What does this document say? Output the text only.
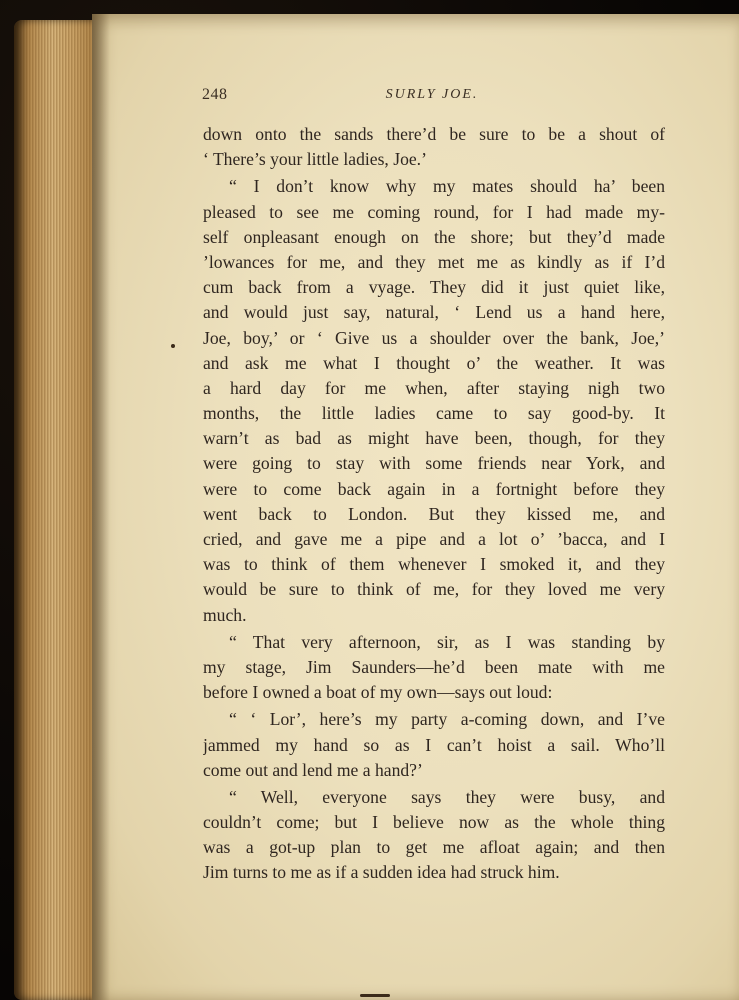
248	SURLY JOE.
down onto the sands there’d be sure to be a shout of
‘ There’s your little ladies, Joe.’
“ I don’t know why my mates should ha’ been
pleased to see me coming round, for I had made my-
self onpleasant enough on the shore; but they’d made
’lowances for me, and they met me as kindly as if I’d
cum back from a vyage. They did it just quiet like,
and would just say, natural, ‘ Lend us a hand here,
Joe, boy,’ or ‘ Give us a shoulder over the bank, Joe,’
and ask me what I thought o’ the weather. It was
a hard day for me when, after staying nigh two
months, the little ladies came to say good-by. It
warn’t as bad as might have been, though, for they
were going to stay with some friends near York, and
were to come back again in a fortnight before they
went back to London. But they kissed me, and
cried, and gave me a pipe and a lot o’ ’bacca, and I
was to think of them whenever I smoked it, and they
would be sure to think of me, for they loved me very
much.
“ That very afternoon, sir, as I was standing by
my stage, Jim Saunders—he’d been mate with me
before I owned a boat of my own—says out loud:
“ ‘ Lor’, here’s my party a-coming down, and I’ve
jammed my hand so as I can’t hoist a sail. Who’ll
come out and lend me a hand?’
“ Well, everyone says they were busy, and
couldn’t come; but I believe now as the whole thing
was a got-up plan to get me afloat again; and then
Jim turns to me as if a sudden idea had struck him.
